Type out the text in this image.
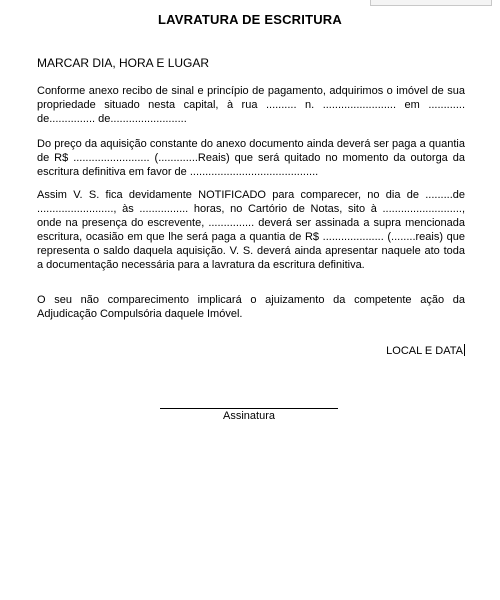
LAVRATURA DE ESCRITURA
MARCAR DIA, HORA E LUGAR
Conforme anexo recibo de sinal e princípio de pagamento, adquirimos o imóvel de sua propriedade situado nesta capital, à rua .......... n. ........................ em ............ de............... de.........................
Do preço da aquisição constante do anexo documento ainda deverá ser paga a quantia de R$ ......................... (.............Reais) que será quitado no momento da outorga da escritura definitiva em favor de ..........................................
Assim V. S. fica devidamente NOTIFICADO para comparecer, no dia de .........de ........................., às ................ horas, no Cartório de Notas, sito à .........................., onde na presença do escrevente, ............... deverá ser assinada a supra mencionada escritura, ocasião em que lhe será paga a quantia de R$ .................... (........reais) que representa o saldo daquela aquisição. V. S. deverá ainda apresentar naquele ato toda a documentação necessária para a lavratura da escritura definitiva.
O seu não comparecimento implicará o ajuizamento da competente ação da Adjudicação Compulsória daquele Imóvel.
LOCAL E DATA
Assinatura
